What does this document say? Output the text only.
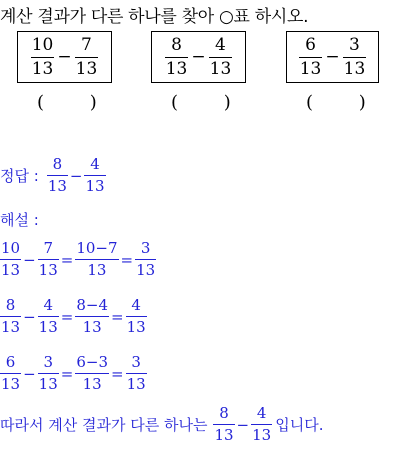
계산 결과가 다른 하나를 찾아 ○표 하시오.
$\frac{10}{13} - \frac{7}{13}$	$\frac{8}{13} - \frac{4}{13}$	$\frac{6}{13} - \frac{3}{13}$
(        )	(        )	(        )
정답 : $\frac{8}{13} - \frac{4}{13}$
해설 :
$\frac{10}{13} - \frac{7}{13} = \frac{10-7}{13} = \frac{3}{13}$
$\frac{8}{13} - \frac{4}{13} = \frac{8-4}{13} = \frac{4}{13}$
$\frac{6}{13} - \frac{3}{13} = \frac{6-3}{13} = \frac{3}{13}$
따라서 계산 결과가 다른 하나는 $\frac{8}{13} - \frac{4}{13}$ 입니다.
